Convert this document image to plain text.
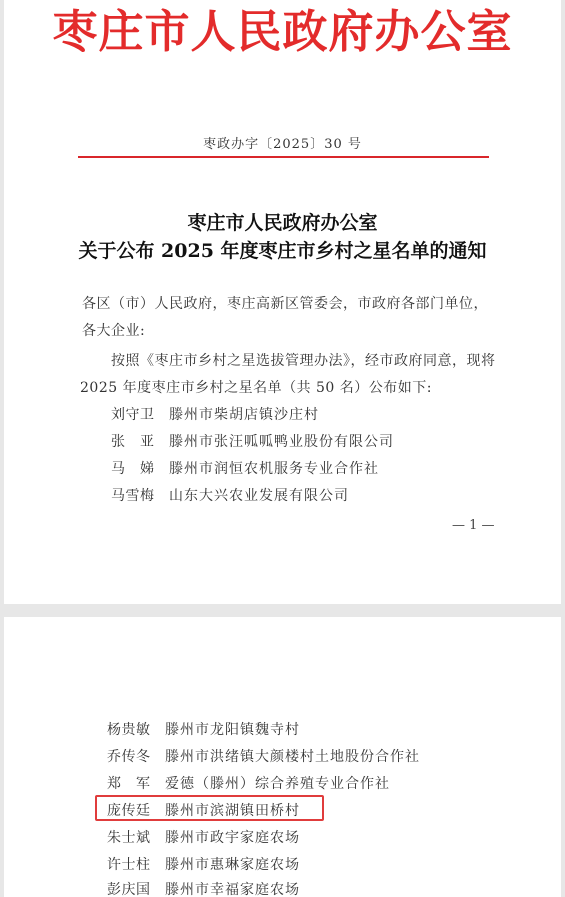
枣庄市人民政府办公室
枣政办字〔2025〕30 号
枣庄市人民政府办公室
关于公布 2025 年度枣庄市乡村之星名单的通知
各区（市）人民政府，枣庄高新区管委会，市政府各部门单位，
各大企业:
按照《枣庄市乡村之星选拔管理办法》，经市政府同意，现将
2025 年度枣庄市乡村之星名单（共 50 名）公布如下:
刘守卫 滕州市柴胡店镇沙庄村
张　亚 滕州市张汪呱呱鸭业股份有限公司
马　娣 滕州市润恒农机服务专业合作社
马雪梅 山东大兴农业发展有限公司
— 1 —
杨贵敏 滕州市龙阳镇魏寺村
乔传冬 滕州市洪绪镇大颜楼村土地股份合作社
郑　军 爱德（滕州）综合养殖专业合作社
庞传廷 滕州市滨湖镇田桥村
朱士斌 滕州市政宇家庭农场
许士柱 滕州市惠琳家庭农场
彭庆国 滕州市幸福家庭农场
